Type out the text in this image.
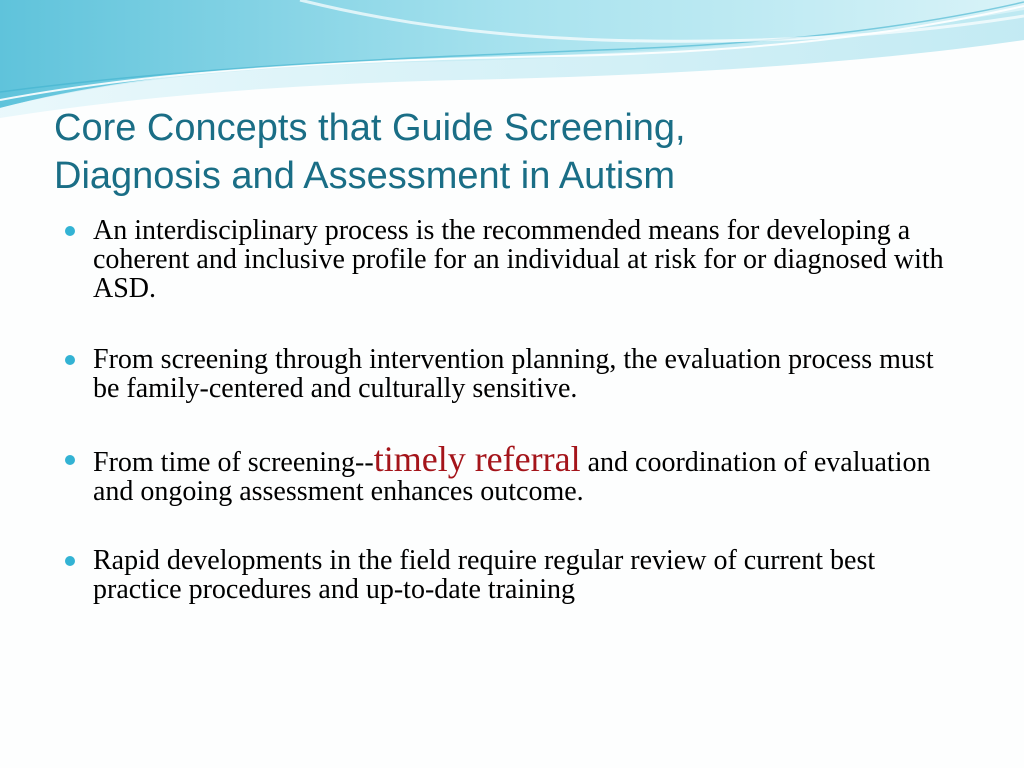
Core Concepts that Guide Screening,
Diagnosis and Assessment in Autism
An interdisciplinary process is the recommended means for developing a coherent and inclusive profile for an individual at risk for or diagnosed with ASD.
From screening through intervention planning, the evaluation process must be family-centered and culturally sensitive.
From time of screening--timely referral and coordination of evaluation and ongoing assessment enhances outcome.
Rapid developments in the field require regular review of current best practice procedures and up-to-date training
